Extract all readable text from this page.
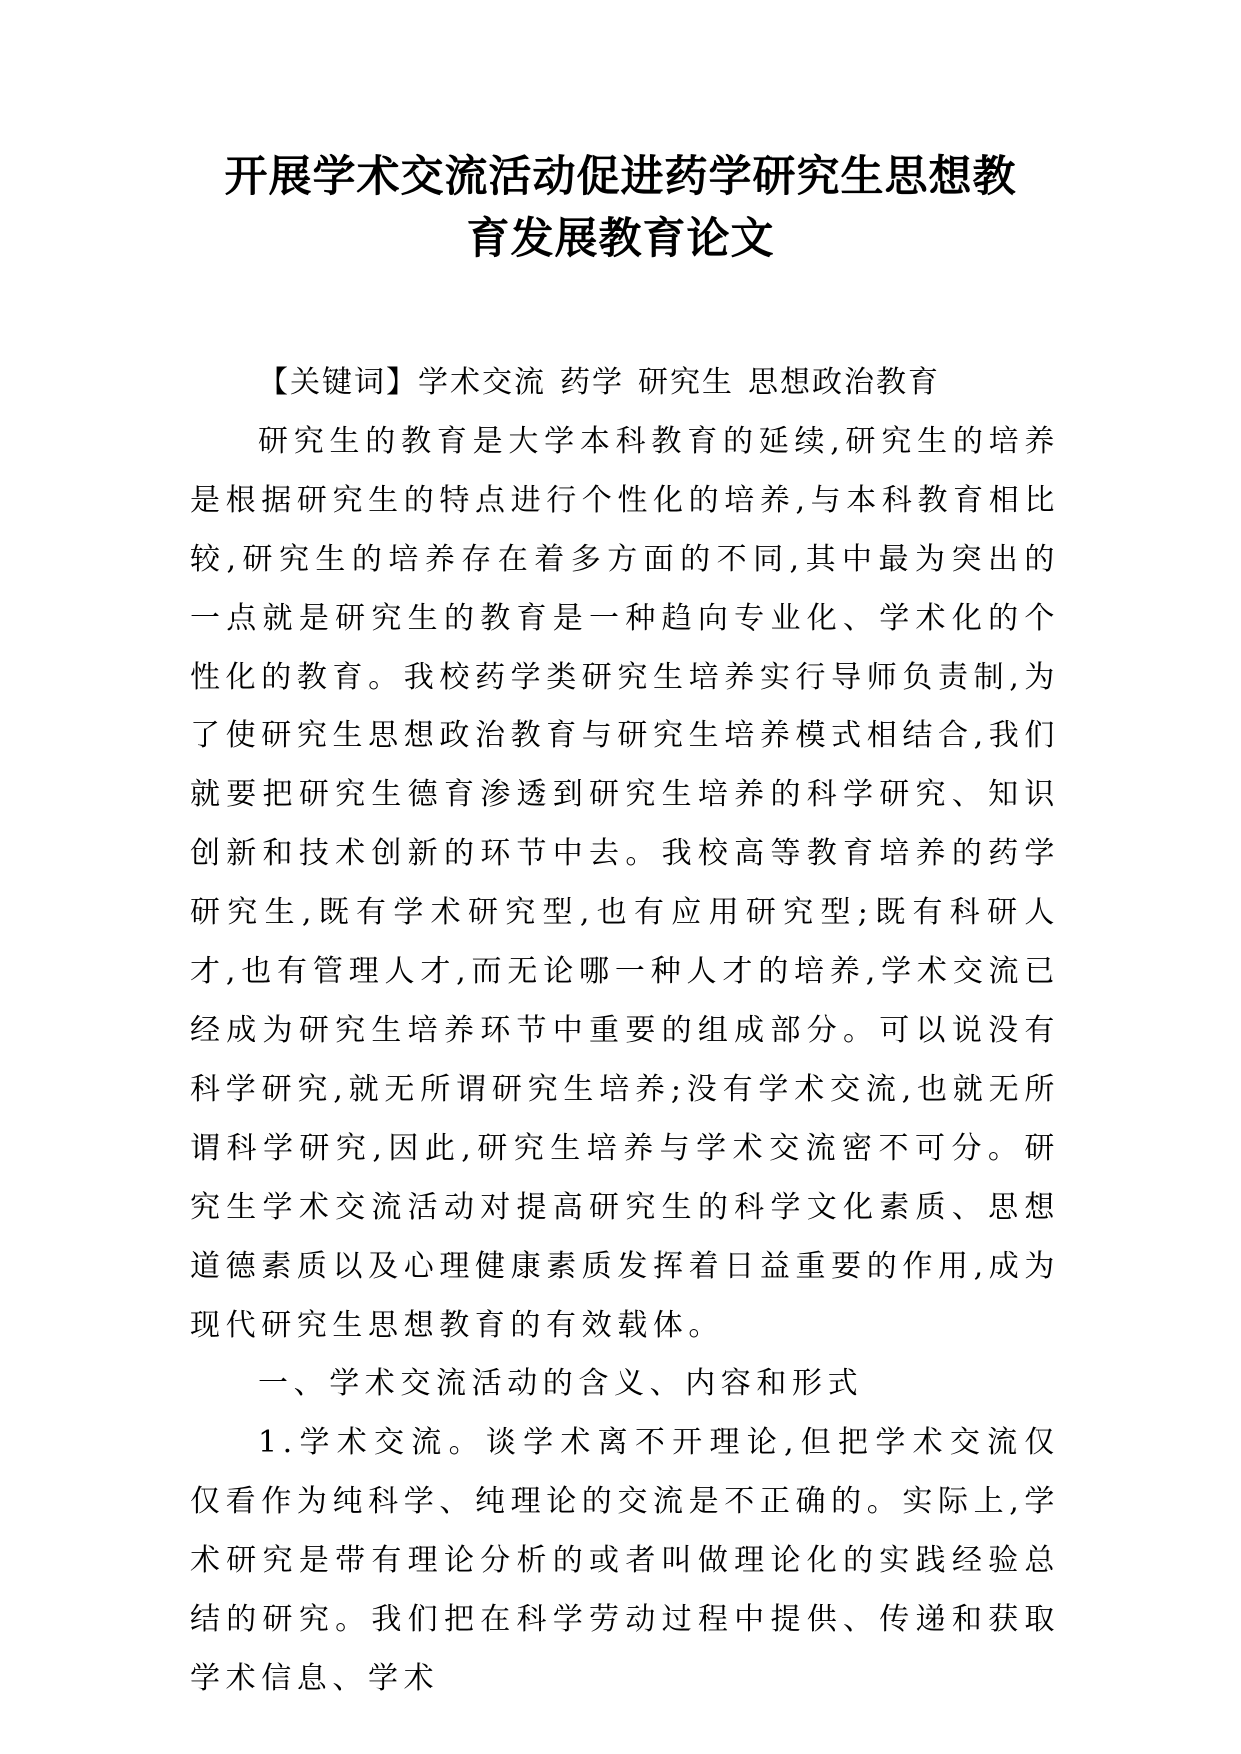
开展学术交流活动促进药学研究生思想教
育发展教育论文

【关键词】学术交流 药学 研究生 思想政治教育

研究生的教育是大学本科教育的延续,研究生的培养是根据研究生的特点进行个性化的培养,与本科教育相比较,研究生的培养存在着多方面的不同,其中最为突出的一点就是研究生的教育是一种趋向专业化、学术化的个性化的教育。我校药学类研究生培养实行导师负责制,为了使研究生思想政治教育与研究生培养模式相结合,我们就要把研究生德育渗透到研究生培养的科学研究、知识创新和技术创新的环节中去。我校高等教育培养的药学研究生,既有学术研究型,也有应用研究型;既有科研人才,也有管理人才,而无论哪一种人才的培养,学术交流已经成为研究生培养环节中重要的组成部分。可以说没有科学研究,就无所谓研究生培养;没有学术交流,也就无所谓科学研究,因此,研究生培养与学术交流密不可分。研究生学术交流活动对提高研究生的科学文化素质、思想道德素质以及心理健康素质发挥着日益重要的作用,成为现代研究生思想教育的有效载体。

一、学术交流活动的含义、内容和形式

1.学术交流。谈学术离不开理论,但把学术交流仅仅看作为纯科学、纯理论的交流是不正确的。实际上,学术研究是带有理论分析的或者叫做理论化的实践经验总结的研究。我们把在科学劳动过程中提供、传递和获取学术信息、学术
